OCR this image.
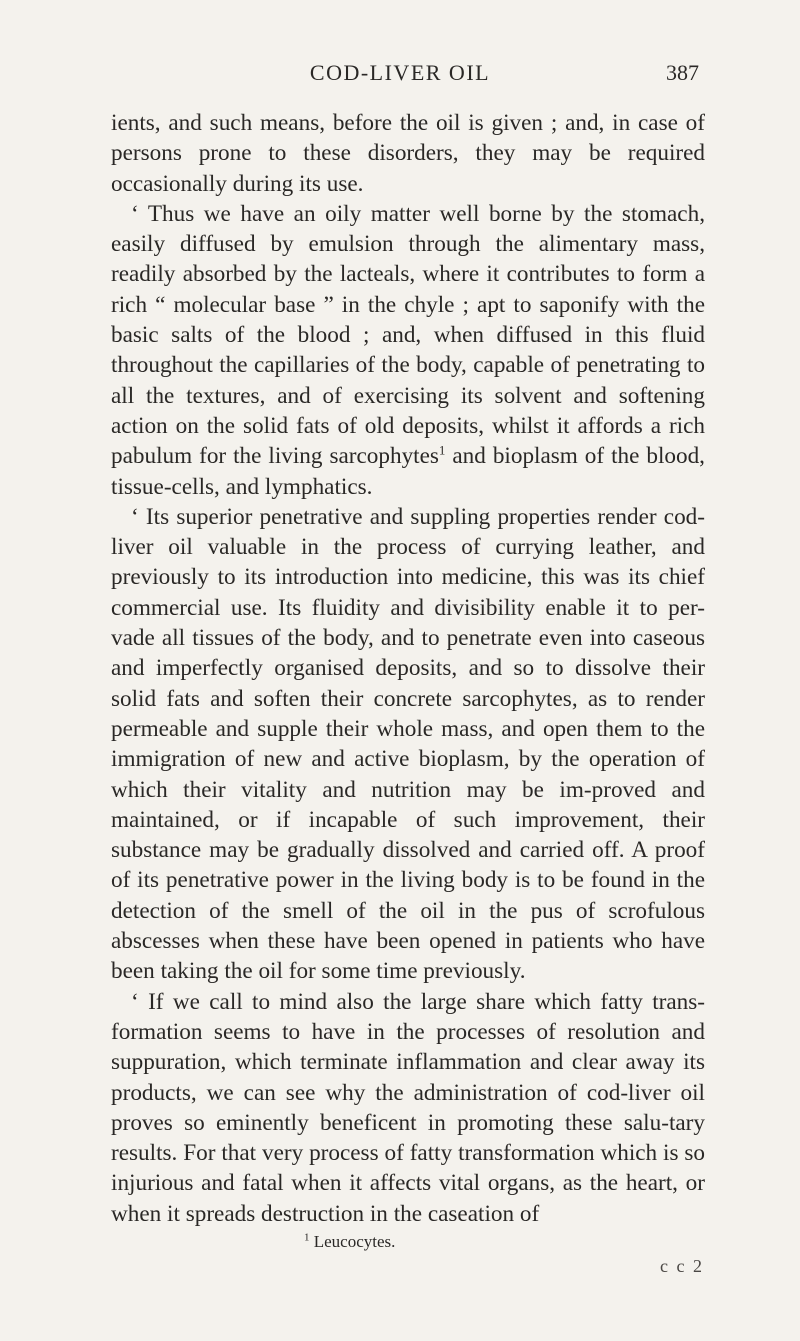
COD-LIVER OIL	387

ients, and such means, before the oil is given ; and, in case of persons prone to these disorders, they may be required occasionally during its use.

‘ Thus we have an oily matter well borne by the stomach, easily diffused by emulsion through the alimentary mass, readily absorbed by the lacteals, where it contributes to form a rich “ molecular base ” in the chyle ; apt to saponify with the basic salts of the blood ; and, when diffused in this fluid throughout the capillaries of the body, capable of penetrating to all the textures, and of exercising its solvent and softening action on the solid fats of old deposits, whilst it affords a rich pabulum for the living sarcophytes$^1$ and bioplasm of the blood, tissue-cells, and lymphatics.

‘ Its superior penetrative and suppling properties render cod-liver oil valuable in the process of currying leather, and previously to its introduction into medicine, this was its chief commercial use. Its fluidity and divisibility enable it to per-vade all tissues of the body, and to penetrate even into caseous and imperfectly organised deposits, and so to dissolve their solid fats and soften their concrete sarcophytes, as to render permeable and supple their whole mass, and open them to the immigration of new and active bioplasm, by the operation of which their vitality and nutrition may be im-proved and maintained, or if incapable of such improvement, their substance may be gradually dissolved and carried off. A proof of its penetrative power in the living body is to be found in the detection of the smell of the oil in the pus of scrofulous abscesses when these have been opened in patients who have been taking the oil for some time previously.

‘ If we call to mind also the large share which fatty trans-formation seems to have in the processes of resolution and suppuration, which terminate inflammation and clear away its products, we can see why the administration of cod-liver oil proves so eminently beneficent in promoting these salu-tary results. For that very process of fatty transformation which is so injurious and fatal when it affects vital organs, as the heart, or when it spreads destruction in the caseation of

$^1$ Leucocytes.
c c 2
